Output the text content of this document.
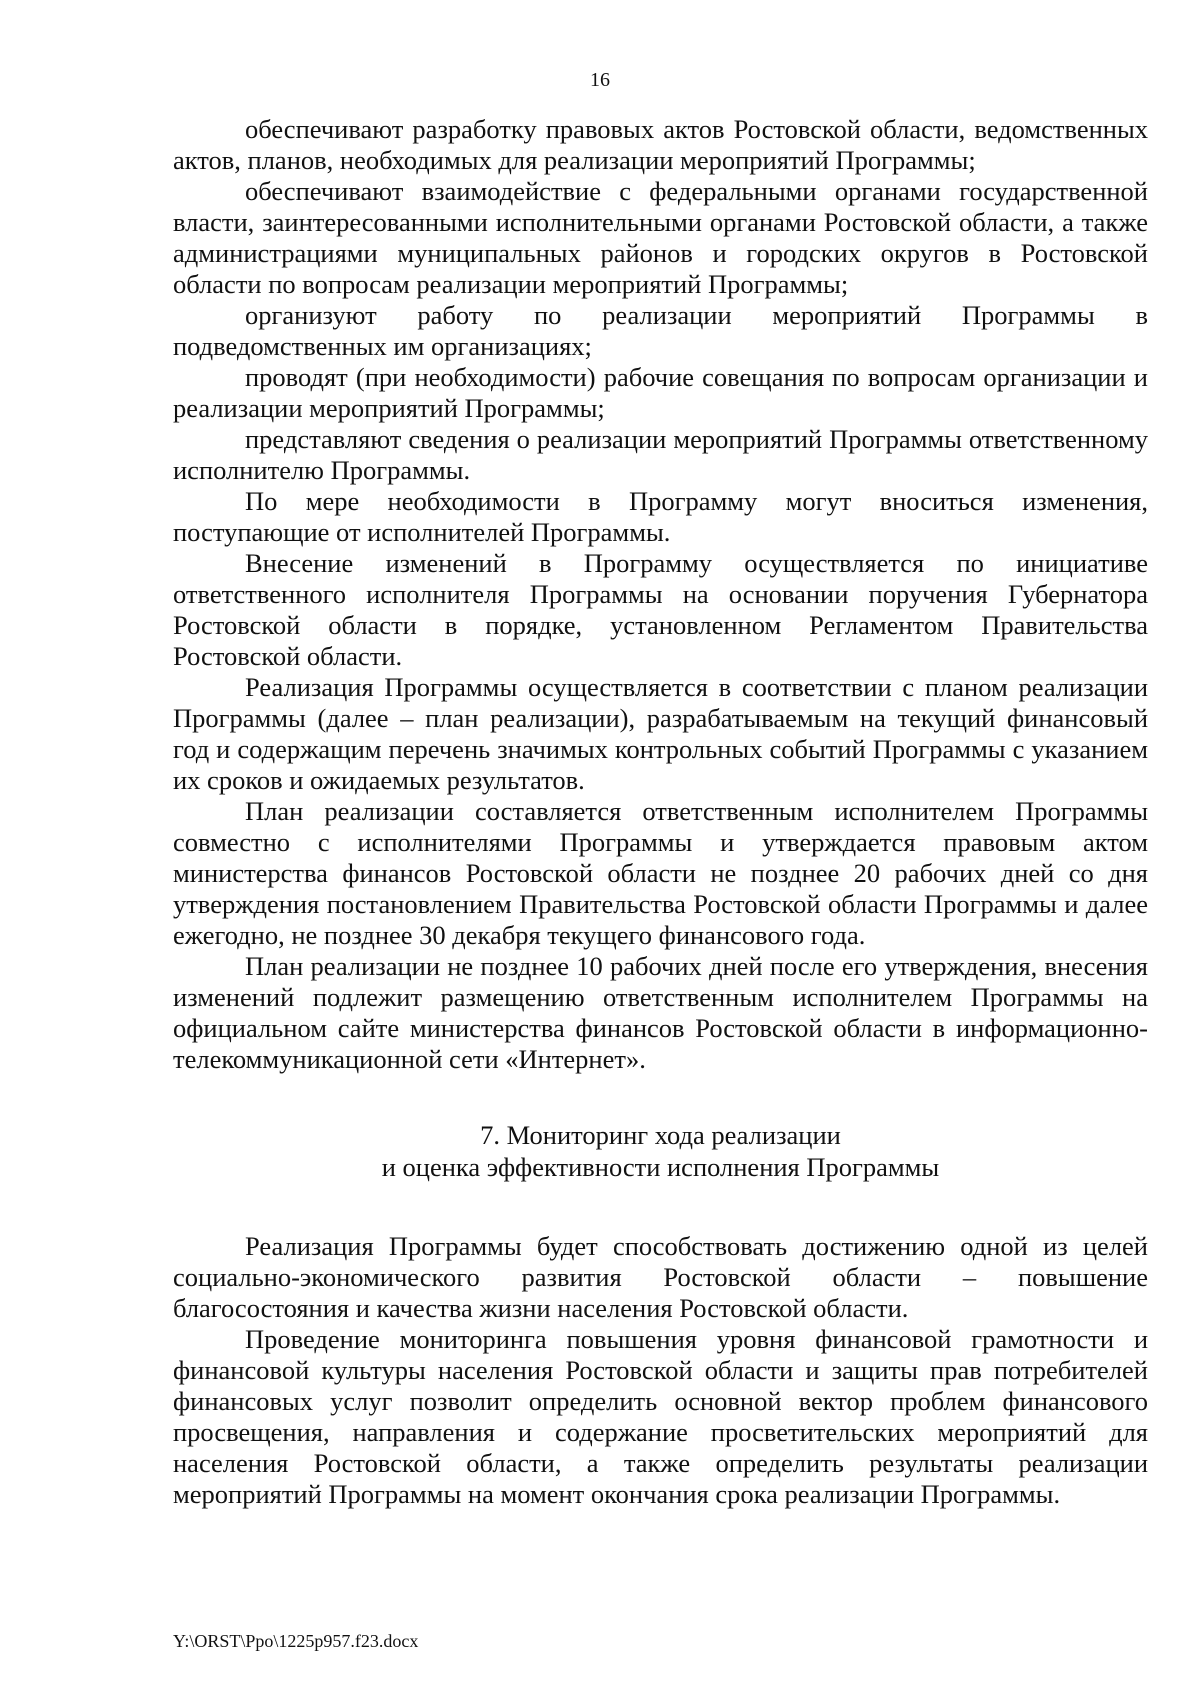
16

обеспечивают разработку правовых актов Ростовской области, ведомственных актов, планов, необходимых для реализации мероприятий Программы;

обеспечивают взаимодействие с федеральными органами государственной власти, заинтересованными исполнительными органами Ростовской области, а также администрациями муниципальных районов и городских округов в Ростовской области по вопросам реализации мероприятий Программы;

организуют работу по реализации мероприятий Программы в подведомственных им организациях;

проводят (при необходимости) рабочие совещания по вопросам организации и реализации мероприятий Программы;

представляют сведения о реализации мероприятий Программы ответственному исполнителю Программы.

По мере необходимости в Программу могут вноситься изменения, поступающие от исполнителей Программы.

Внесение изменений в Программу осуществляется по инициативе ответственного исполнителя Программы на основании поручения Губернатора Ростовской области в порядке, установленном Регламентом Правительства Ростовской области.

Реализация Программы осуществляется в соответствии с планом реализации Программы (далее – план реализации), разрабатываемым на текущий финансовый год и содержащим перечень значимых контрольных событий Программы с указанием их сроков и ожидаемых результатов.

План реализации составляется ответственным исполнителем Программы совместно с исполнителями Программы и утверждается правовым актом министерства финансов Ростовской области не позднее 20 рабочих дней со дня утверждения постановлением Правительства Ростовской области Программы и далее ежегодно, не позднее 30 декабря текущего финансового года.

План реализации не позднее 10 рабочих дней после его утверждения, внесения изменений подлежит размещению ответственным исполнителем Программы на официальном сайте министерства финансов Ростовской области в информационно-телекоммуникационной сети «Интернет».

7. Мониторинг хода реализации
и оценка эффективности исполнения Программы

Реализация Программы будет способствовать достижению одной из целей социально-экономического развития Ростовской области – повышение благосостояния и качества жизни населения Ростовской области.

Проведение мониторинга повышения уровня финансовой грамотности и финансовой культуры населения Ростовской области и защиты прав потребителей финансовых услуг позволит определить основной вектор проблем финансового просвещения, направления и содержание просветительских мероприятий для населения Ростовской области, а также определить результаты реализации мероприятий Программы на момент окончания срока реализации Программы.

Y:\ORST\Ppo\1225p957.f23.docx
